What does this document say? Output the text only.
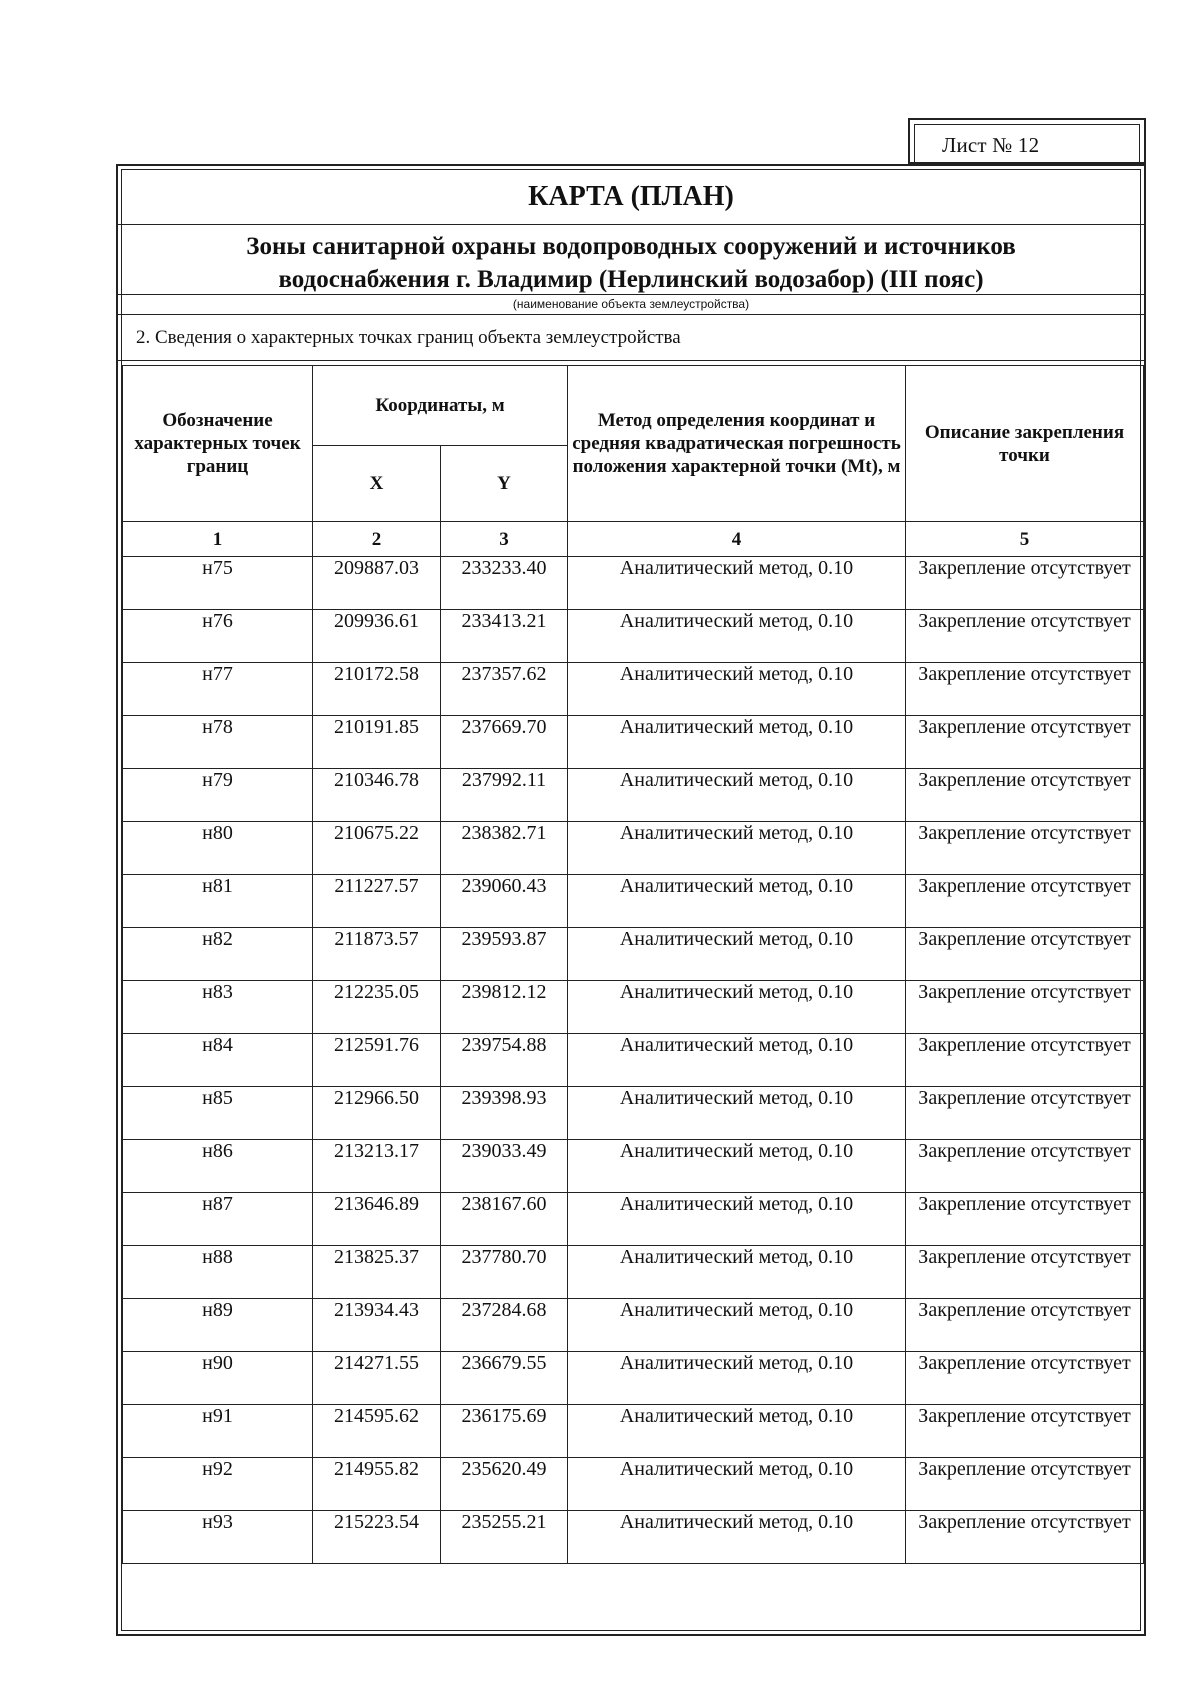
Лист № 12
КАРТА (ПЛАН)
Зоны санитарной охраны водопроводных сооружений и источников
водоснабжения г. Владимир (Нерлинский водозабор) (III пояс)
(наименование объекта землеустройства)
2. Сведения о характерных точках границ объекта землеустройства
Обозначение характерных точек границ	Координаты, м		Метод определения координат и средняя квадратическая погрешность положения характерной точки (Mt), м	Описание закрепления точки
	X	Y		
1	2	3	4	5
н75	209887.03	233233.40	Аналитический метод, 0.10	Закрепление отсутствует
н76	209936.61	233413.21	Аналитический метод, 0.10	Закрепление отсутствует
н77	210172.58	237357.62	Аналитический метод, 0.10	Закрепление отсутствует
н78	210191.85	237669.70	Аналитический метод, 0.10	Закрепление отсутствует
н79	210346.78	237992.11	Аналитический метод, 0.10	Закрепление отсутствует
н80	210675.22	238382.71	Аналитический метод, 0.10	Закрепление отсутствует
н81	211227.57	239060.43	Аналитический метод, 0.10	Закрепление отсутствует
н82	211873.57	239593.87	Аналитический метод, 0.10	Закрепление отсутствует
н83	212235.05	239812.12	Аналитический метод, 0.10	Закрепление отсутствует
н84	212591.76	239754.88	Аналитический метод, 0.10	Закрепление отсутствует
н85	212966.50	239398.93	Аналитический метод, 0.10	Закрепление отсутствует
н86	213213.17	239033.49	Аналитический метод, 0.10	Закрепление отсутствует
н87	213646.89	238167.60	Аналитический метод, 0.10	Закрепление отсутствует
н88	213825.37	237780.70	Аналитический метод, 0.10	Закрепление отсутствует
н89	213934.43	237284.68	Аналитический метод, 0.10	Закрепление отсутствует
н90	214271.55	236679.55	Аналитический метод, 0.10	Закрепление отсутствует
н91	214595.62	236175.69	Аналитический метод, 0.10	Закрепление отсутствует
н92	214955.82	235620.49	Аналитический метод, 0.10	Закрепление отсутствует
н93	215223.54	235255.21	Аналитический метод, 0.10	Закрепление отсутствует
